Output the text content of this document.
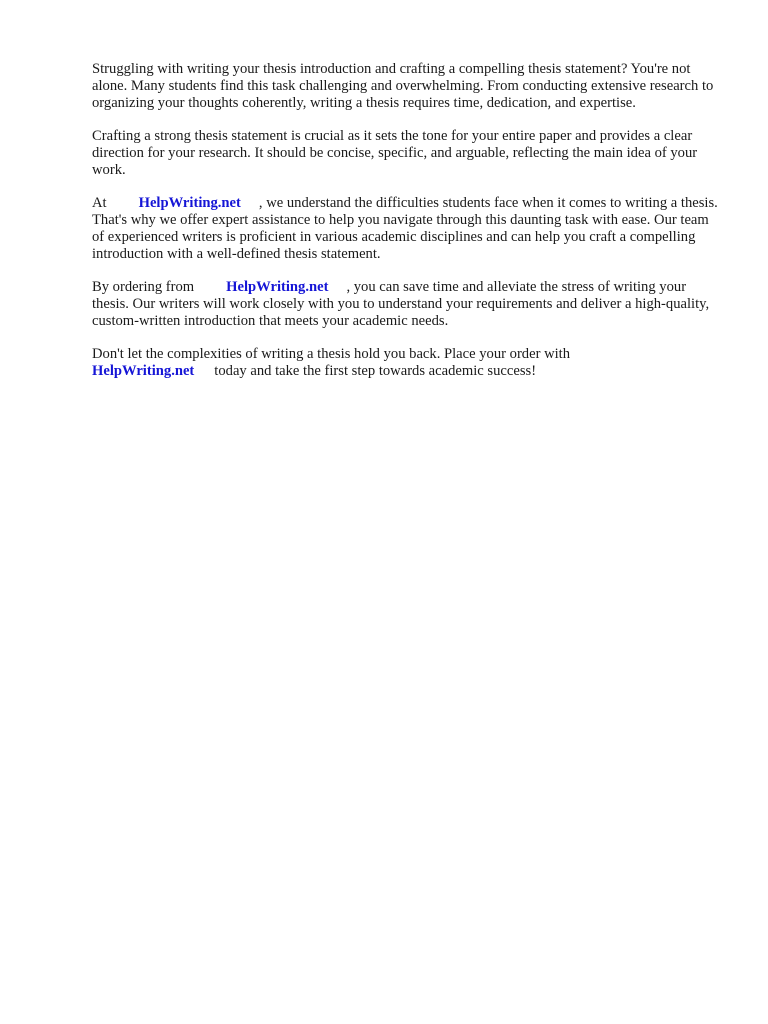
Struggling with writing your thesis introduction and crafting a compelling thesis statement? You're not alone. Many students find this task challenging and overwhelming. From conducting extensive research to organizing your thoughts coherently, writing a thesis requires time, dedication, and expertise.

Crafting a strong thesis statement is crucial as it sets the tone for your entire paper and provides a clear direction for your research. It should be concise, specific, and arguable, reflecting the main idea of your work.

At HelpWriting.net , we understand the difficulties students face when it comes to writing a thesis. That's why we offer expert assistance to help you navigate through this daunting task with ease. Our team of experienced writers is proficient in various academic disciplines and can help you craft a compelling introduction with a well-defined thesis statement.

By ordering from HelpWriting.net , you can save time and alleviate the stress of writing your thesis. Our writers will work closely with you to understand your requirements and deliver a high-quality, custom-written introduction that meets your academic needs.

Don't let the complexities of writing a thesis hold you back. Place your order with
HelpWriting.net today and take the first step towards academic success!
